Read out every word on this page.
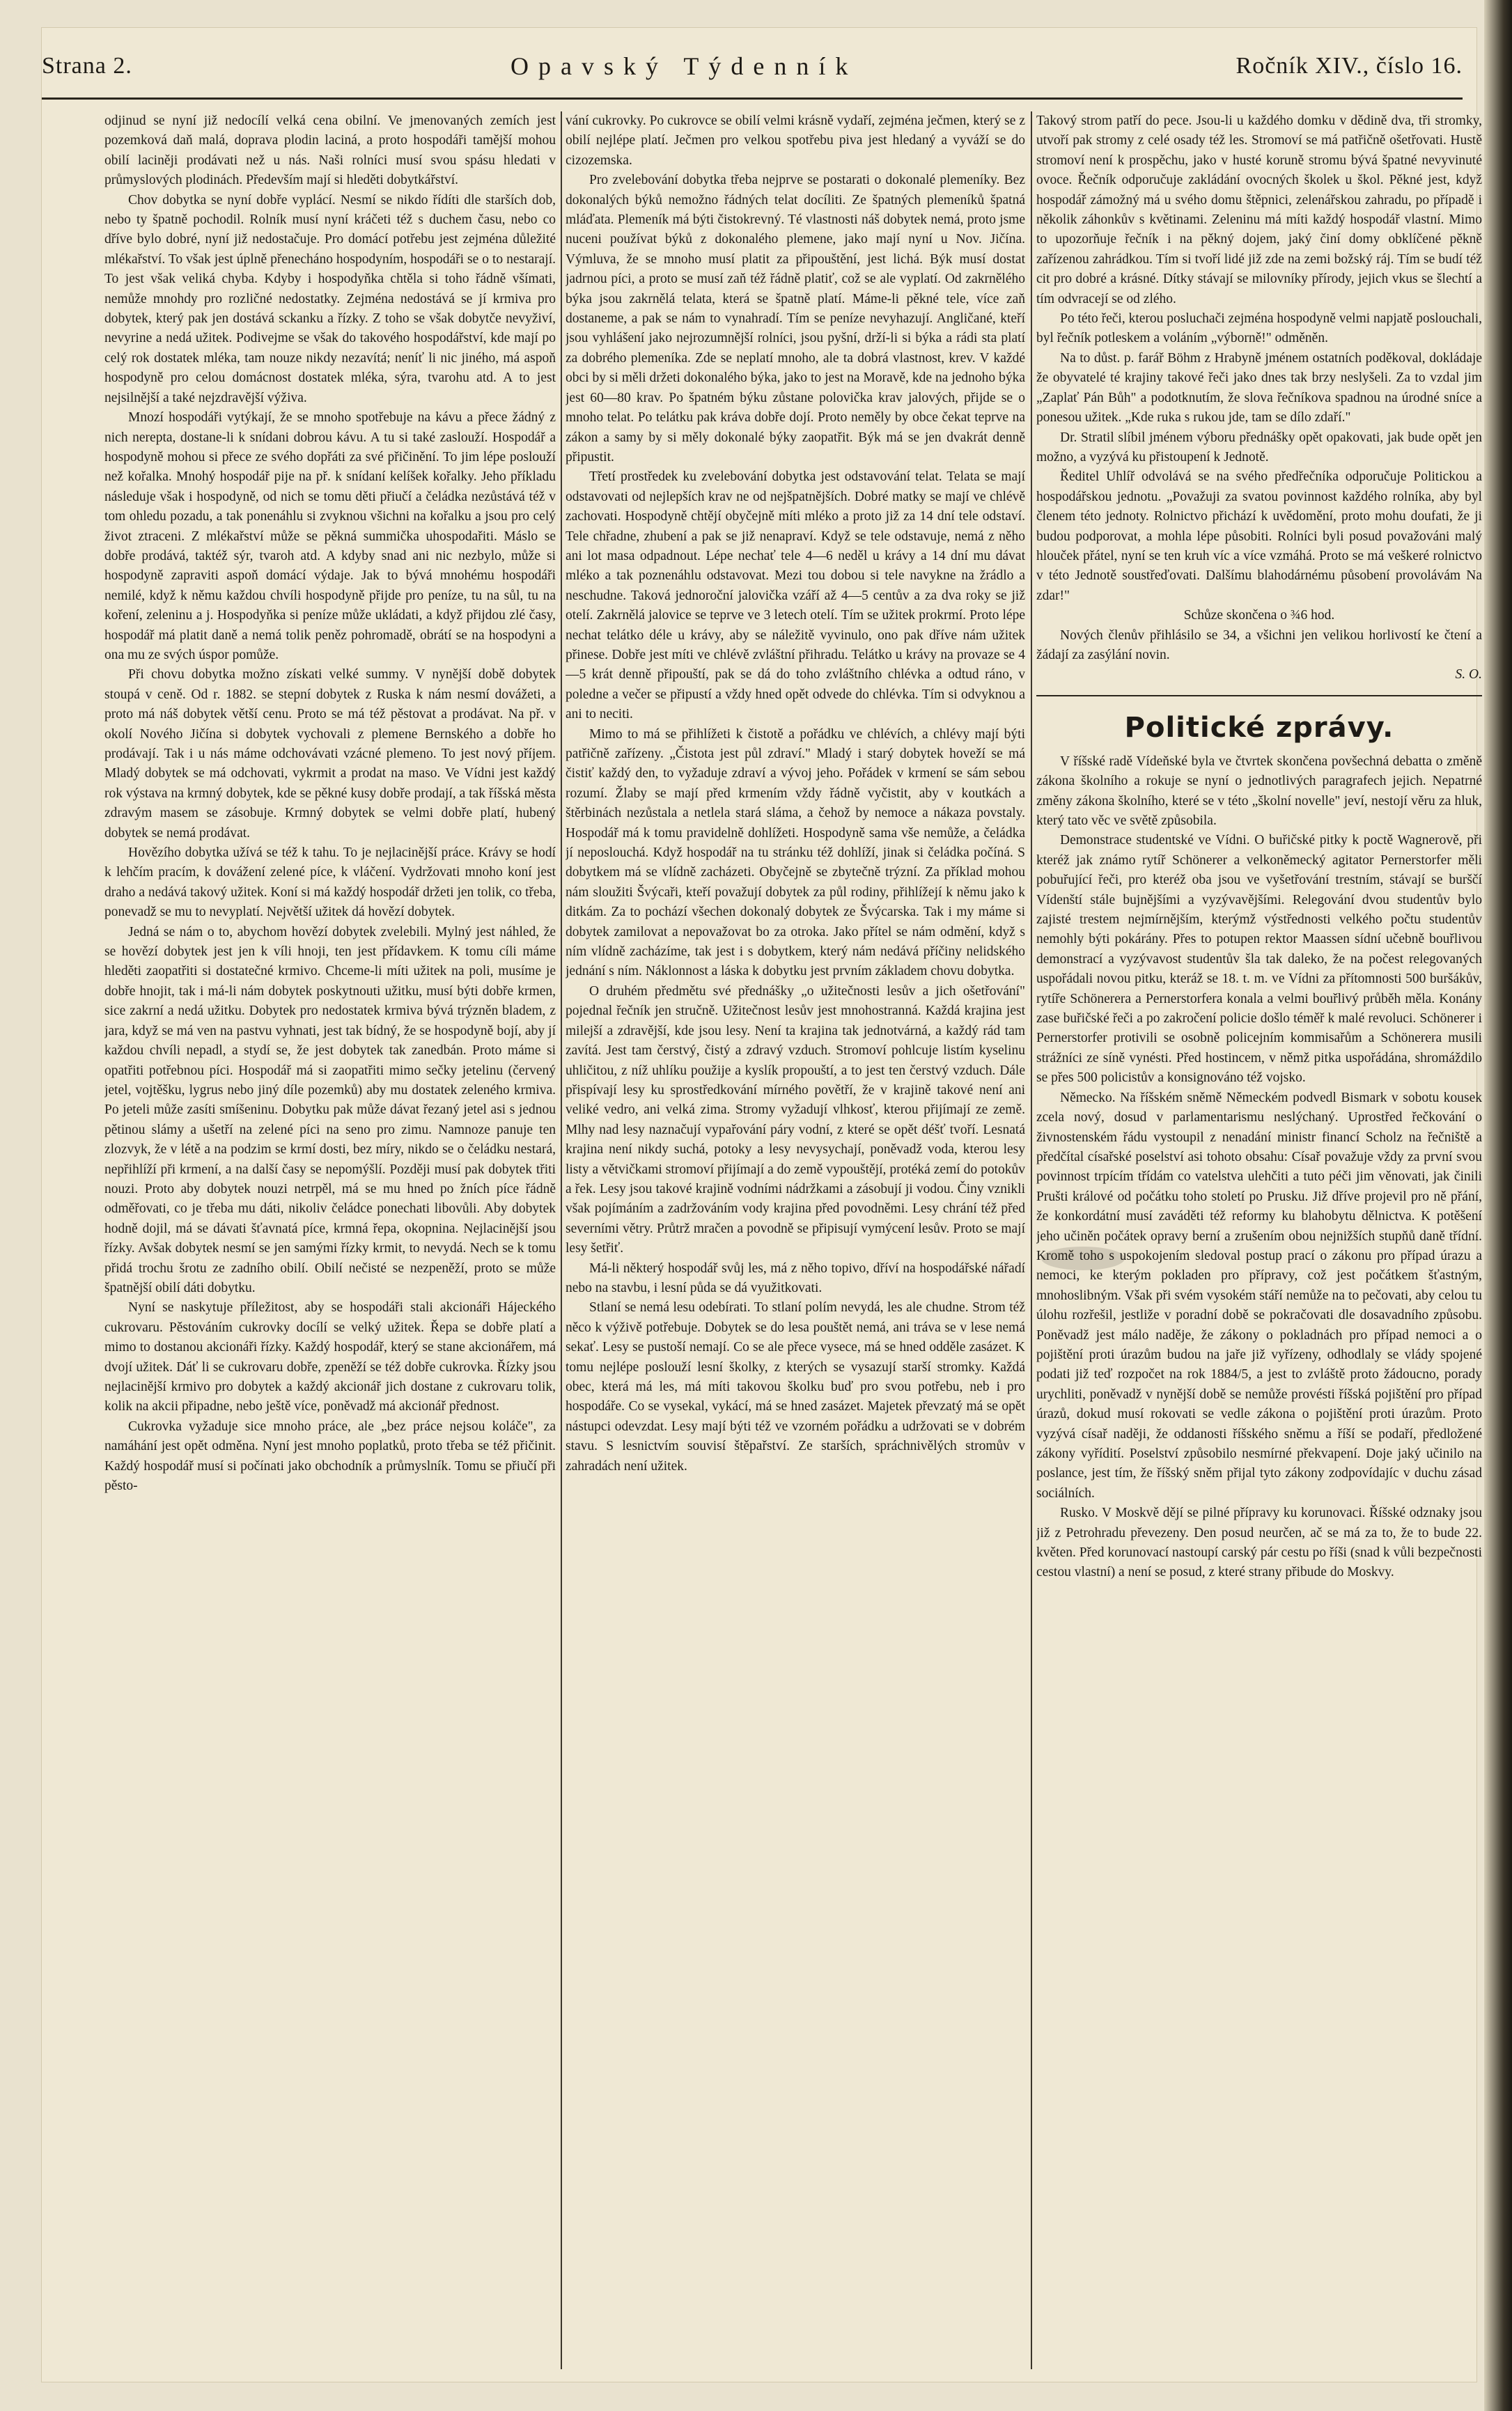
Strana 2.	Opavský Týdenník	Ročník XIV., číslo 16.

odjinud se nyní již nedocílí velká cena obilní. Ve jmenovaných zemích jest pozemková daň malá, doprava plodin laciná, a proto hospodáři tamější mohou obilí laciněji prodávati než u nás. Naši rolníci musí svou spásu hledati v průmyslových plodinách. Především mají si hleděti dobytkářství.

Chov dobytka se nyní dobře vyplácí. Nesmí se nikdo řídíti dle starších dob, nebo ty špatně pochodil. Rolník musí nyní kráčeti též s duchem času, nebo co dříve bylo dobré, nyní již nedostačuje. Pro domácí potřebu jest zejména důležité mlékařství. To však jest úplně přenecháno hospodyním, hospodáři se o to nestarají. To jest však veliká chyba. Kdyby i hospodyňka chtěla si toho řádně všímati, nemůže mnohdy pro rozličné nedostatky. Zejména nedostává se jí krmiva pro dobytek, který pak jen dostává sckanku a řízky. Z toho se však dobytče nevyživí, nevyrine a nedá užitek. Podivejme se však do takového hospodářství, kde mají po celý rok dostatek mléka, tam nouze nikdy nezavítá; neníť li nic jiného, má aspoň hospodyně pro celou domácnost dostatek mléka, sýra, tvarohu atd. A to jest nejsilnější a také nejzdravější výživa.

Mnozí hospodáři vytýkají, že se mnoho spotřebuje na kávu a přece žádný z nich nerepta, dostane-li k snídani dobrou kávu. A tu si také zaslouží. Hospodář a hospodyně mohou si přece ze svého dopřáti za své přičinění. To jim lépe poslouží než kořalka. Mnohý hospodář pije na př. k snídaní kelíšek kořalky. Jeho příkladu následuje však i hospodyně, od nich se tomu děti přiučí a čeládka nezůstává též v tom ohledu pozadu, a tak ponenáhlu si zvyknou všichni na kořalku a jsou pro celý život ztraceni. Z mlékařství může se pěkná summička uhospodařiti. Máslo se dobře prodává, taktéž sýr, tvaroh atd. A kdyby snad ani nic nezbylo, může si hospodyně zapraviti aspoň domácí výdaje. Jak to bývá mnohému hospodáři nemilé, když k němu každou chvíli hospodyně přijde pro peníze, tu na sůl, tu na koření, zeleninu a j. Hospodyňka si peníze může ukládati, a když přijdou zlé časy, hospodář má platit daně a nemá tolik peněz pohromadě, obrátí se na hospodyni a ona mu ze svých úspor pomůže.

Při chovu dobytka možno získati velké summy. V nynější době dobytek stoupá v ceně. Od r. 1882. se stepní dobytek z Ruska k nám nesmí dovážeti, a proto má náš dobytek větší cenu. Proto se má též pěstovat a prodávat. Na př. v okolí Nového Jičína si dobytek vychovali z plemene Bernského a dobře ho prodávají. Tak i u nás máme odchovávati vzácné plemeno. To jest nový příjem. Mladý dobytek se má odchovati, vykrmit a prodat na maso. Ve Vídni jest každý rok výstava na krmný dobytek, kde se pěkné kusy dobře prodají, a tak říšská města zdravým masem se zásobuje. Krmný dobytek se velmi dobře platí, hubený dobytek se nemá prodávat.

Hovězího dobytka užívá se též k tahu. To je nejlacinější práce. Krávy se hodí k lehčím pracím, k dovážení zelené píce, k vláčení. Vydržovati mnoho koní jest draho a nedává takový užitek. Koní si má každý hospodář držeti jen tolik, co třeba, ponevadž se mu to nevyplatí. Největší užitek dá hovězí dobytek.

Jedná se nám o to, abychom hovězí dobytek zvelebili. Mylný jest náhled, že se hovězí dobytek jest jen k víli hnoji, ten jest přídavkem. K tomu cíli máme hleděti zaopatřiti si dostatečné krmivo. Chceme-li míti užitek na poli, musíme je dobře hnojit, tak i má-li nám dobytek poskytnouti užitku, musí býti dobře krmen, sice zakrní a nedá užitku. Dobytek pro nedostatek krmiva bývá trýzněn bladem, z jara, když se má ven na pastvu vyhnati, jest tak bídný, že se hospodyně bojí, aby jí každou chvíli nepadl, a stydí se, že jest dobytek tak zanedbán. Proto máme si opatřiti potřebnou píci. Hospodář má si zaopatřiti mimo sečky jetelinu (červený jetel, vojtěšku, lygrus nebo jiný díle pozemků) aby mu dostatek zeleného krmiva. Po jeteli může zasíti smíšeninu. Dobytku pak může dávat řezaný jetel asi s jednou pětinou slámy a ušetří na zelené píci na seno pro zimu. Namnoze panuje ten zlozvyk, že v létě a na podzim se krmí dosti, bez míry, nikdo se o čeládku nestará, nepřihlíží při krmení, a na další časy se nepomýšlí. Později musí pak dobytek třiti nouzi. Proto aby dobytek nouzi netrpěl, má se mu hned po žních píce řádně odměřovati, co je třeba mu dáti, nikoliv čeládce ponechati libovůli. Aby dobytek hodně dojil, má se dávati šťavnatá píce, krmná řepa, okopnina. Nejlacinější jsou řízky. Avšak dobytek nesmí se jen samými řízky krmit, to nevydá. Nech se k tomu přidá trochu šrotu ze zadního obilí. Obilí nečisté se nezpeněží, proto se může špatnější obilí dáti dobytku.

Nyní se naskytuje příležitost, aby se hospodáři stali akcionáři Hájeckého cukrovaru. Pěstováním cukrovky docílí se velký užitek. Řepa se dobře platí a mimo to dostanou akcionáři řízky. Každý hospodář, který se stane akcionářem, má dvojí užitek. Dáť li se cukrovaru dobře, zpeněží se též dobře cukrovka. Řízky jsou nejlacinější krmivo pro dobytek a každý akcionář jich dostane z cukrovaru tolik, kolik na akcii připadne, nebo ještě více, poněvadž má akcionář přednost.

Cukrovka vyžaduje sice mnoho práce, ale „bez práce nejsou koláče", za namáhání jest opět odměna. Nyní jest mnoho poplatků, proto třeba se též přičinit. Každý hospodář musí si počínati jako obchodník a průmyslník. Tomu se přiučí při pěsto-

vání cukrovky. Po cukrovce se obilí velmi krásně vydaří, zejména ječmen, který se z obilí nejlépe platí. Ječmen pro velkou spotřebu piva jest hledaný a vyváží se do cizozemska.

Pro zvelebování dobytka třeba nejprve se postarati o dokonalé plemeníky. Bez dokonalých býků nemožno řádných telat docíliti. Ze špatných plemeníků špatná mláďata. Plemeník má býti čistokrevný. Té vlastnosti náš dobytek nemá, proto jsme nuceni používat býků z dokonalého plemene, jako mají nyní u Nov. Jičína. Výmluva, že se mnoho musí platit za připouštění, jest lichá. Býk musí dostat jadrnou píci, a proto se musí zaň též řádně platiť, což se ale vyplatí. Od zakrnělého býka jsou zakrnělá telata, která se špatně platí. Máme-li pěkné tele, více zaň dostaneme, a pak se nám to vynahradí. Tím se peníze nevyhazují. Angličané, kteří jsou vyhlášení jako nejrozumnější rolníci, jsou pyšní, drží-li si býka a rádi sta platí za dobrého plemeníka. Zde se neplatí mnoho, ale ta dobrá vlastnost, krev. V každé obci by si měli držeti dokonalého býka, jako to jest na Moravě, kde na jednoho býka jest 60—80 krav. Po špatném býku zůstane polovička krav jalových, přijde se o mnoho telat. Po telátku pak kráva dobře dojí. Proto neměly by obce čekat teprve na zákon a samy by si měly dokonalé býky zaopatřit. Býk má se jen dvakrát denně připustit.

Třetí prostředek ku zvelebování dobytka jest odstavování telat. Telata se mají odstavovati od nejlepších krav ne od nejšpatnějších. Dobré matky se mají ve chlévě zachovati. Hospodyně chtějí obyčejně míti mléko a proto již za 14 dní tele odstaví. Tele chřadne, zhubení a pak se již nenapraví. Když se tele odstavuje, nemá z něho ani lot masa odpadnout. Lépe nechať tele 4—6 neděl u krávy a 14 dní mu dávat mléko a tak poznenáhlu odstavovat. Mezi tou dobou si tele navykne na žrádlo a neschudne. Taková jednoroční jalovička vzáří až 4—5 centův a za dva roky se již otelí. Zakrnělá jalovice se teprve ve 3 letech otelí. Tím se užitek prokrmí. Proto lépe nechat telátko déle u krávy, aby se náležitě vyvinulo, ono pak dříve nám užitek přinese. Dobře jest míti ve chlévě zvláštní přihradu. Telátko u krávy na provaze se 4—5 krát denně připouští, pak se dá do toho zvláštního chlévka a odtud ráno, v poledne a večer se připustí a vždy hned opět odvede do chlévka. Tím si odvyknou a ani to neciti.

Mimo to má se přihlížeti k čistotě a pořádku ve chlévích, a chlévy mají býti patřičně zařízeny. „Čistota jest půl zdraví." Mladý i starý dobytek hoveží se má čistiť každý den, to vyžaduje zdraví a vývoj jeho. Pořádek v krmení se sám sebou rozumí. Žlaby se mají před krmením vždy řádně vyčistit, aby v koutkách a štěrbinách nezůstala a netlela stará sláma, a čehož by nemoce a nákaza povstaly. Hospodář má k tomu pravidelně dohlížeti. Hospodyně sama vše nemůže, a čeládka jí neposlouchá. Když hospodář na tu stránku též dohlíží, jinak si čeládka počíná. S dobytkem má se vlídně zacházeti. Obyčejně se zbytečně trýzní. Za příklad mohou nám sloužiti Švýcaři, kteří považují dobytek za půl rodiny, přihlížejí k němu jako k ditkám. Za to pochází všechen dokonalý dobytek ze Švýcarska. Tak i my máme si dobytek zamilovat a nepovažovat bo za otroka. Jako přítel se nám odmění, když s ním vlídně zacházíme, tak jest i s dobytkem, který nám nedává příčiny nelidského jednání s ním. Náklonnost a láska k dobytku jest prvním základem chovu dobytka.

O druhém předmětu své přednášky „o užitečnosti lesův a jich ošetřování" pojednal řečník jen stručně. Užitečnost lesův jest mnohostranná. Každá krajina jest milejší a zdravější, kde jsou lesy. Není ta krajina tak jednotvárná, a každý rád tam zavítá. Jest tam čerstvý, čistý a zdravý vzduch. Stromoví pohlcuje listím kyselinu uhličitou, z níž uhlíku použije a kyslík propouští, a to jest ten čerstvý vzduch. Dále přispívají lesy ku sprostředkování mírného povětří, že v krajině takové není ani veliké vedro, ani velká zima. Stromy vyžadují vlhkosť, kterou přijímají ze země. Mlhy nad lesy naznačují vypařování páry vodní, z které se opět déšť tvoří. Lesnatá krajina není nikdy suchá, potoky a lesy nevysychají, poněvadž voda, kterou lesy listy a větvičkami stromoví přijímají a do země vypouštějí, protéká zemí do potokův a řek. Lesy jsou takové krajině vodními nádržkami a zásobují ji vodou. Činy vznikli však pojímáním a zadržováním vody krajina před povodněmi. Lesy chrání též před severními větry. Průtrž mračen a povodně se připisují vymýcení lesův. Proto se mají lesy šetřiť.

Má-li některý hospodář svůj les, má z něho topivo, dříví na hospodářské nářadí nebo na stavbu, i lesní půda se dá využitkovati.

Stlaní se nemá lesu odebírati. To stlaní polím nevydá, les ale chudne. Strom též něco k výživě potřebuje. Dobytek se do lesa pouštět nemá, ani tráva se v lese nemá sekať. Lesy se pustoší nemají. Co se ale přece vysece, má se hned odděle zasázet. K tomu nejlépe poslouží lesní školky, z kterých se vysazují starší stromky. Každá obec, která má les, má míti takovou školku buď pro svou potřebu, neb i pro hospodáře. Co se vysekal, vykácí, má se hned zasázet. Majetek převzatý má se opět nástupci odevzdat. Lesy mají býti též ve vzorném pořádku a udržovati se v dobrém stavu. S lesnictvím souvisí štěpařství. Ze starších, spráchnivělých stromův v zahradách není užitek.

Takový strom patří do pece. Jsou-li u každého domku v dědině dva, tři stromky, utvoří pak stromy z celé osady též les. Stromoví se má patřičně ošetřovati. Hustě stromoví není k prospěchu, jako v husté koruně stromu bývá špatné nevyvinuté ovoce. Řečník odporučuje zakládání ovocných školek u škol. Pěkné jest, když hospodář zámožný má u svého domu štěpnici, zelenářskou zahradu, po případě i několik záhonkův s květinami. Zeleninu má míti každý hospodář vlastní. Mimo to upozorňuje řečník i na pěkný dojem, jaký činí domy obklíčené pěkně zařízenou zahrádkou. Tím si tvoří lidé již zde na zemi božský ráj. Tím se budí též cit pro dobré a krásné. Dítky stávají se milovníky přírody, jejich vkus se šlechtí a tím odvracejí se od zlého.

Po této řeči, kterou posluchači zejména hospodyně velmi napjatě poslouchali, byl řečník potleskem a voláním „výborně!" odměněn.

Na to důst. p. farář Böhm z Hrabyně jménem ostatních poděkoval, dokládaje že obyvatelé té krajiny takové řeči jako dnes tak brzy neslyšeli. Za to vzdal jim „Zaplať Pán Bůh" a podotknutím, že slova řečníkova spadnou na úrodné sníce a ponesou užitek. „Kde ruka s rukou jde, tam se dílo zdaří."

Dr. Stratil slíbil jménem výboru přednášky opět opakovati, jak bude opět jen možno, a vyzývá ku přistoupení k Jednotě.

Ředitel Uhlíř odvolává se na svého předřečníka odporučuje Politickou a hospodářskou jednotu. „Považuji za svatou povinnost každého rolníka, aby byl členem této jednoty. Rolnictvo přichází k uvědomění, proto mohu doufati, že ji budou podporovat, a mohla lépe působiti. Rolníci byli posud považováni malý hlouček přátel, nyní se ten kruh víc a více vzmáhá. Proto se má veškeré rolnictvo v této Jednotě soustřeďovati. Dalšímu blahodárnému působení provolávám Na zdar!"

Schůze skončena o ¾6 hod.

Nových členův přihlásilo se 34, a všichni jen velikou horlivostí ke čtení a žádají za zasýlání novin.

S. O.
Politické zprávy.

V říšské radě Vídeňské byla ve čtvrtek skončena povšechná debatta o změně zákona školního a rokuje se nyní o jednotlivých paragrafech jejich. Nepatrné změny zákona školního, které se v této „školní novelle" jeví, nestojí věru za hluk, který tato věc ve světě způsobila.

Demonstrace studentské ve Vídni. O buřičské pitky k poctě Wagnerově, při kteréž jak známo rytíř Schönerer a velkoněmecký agitator Pernerstorfer měli pobuřující řeči, pro kteréž oba jsou ve vyšetřování trestním, stávají se burščí Vídenští stále bujnějšími a vyzývavějšími. Relegování dvou studentův bylo zajisté trestem nejmírnějším, kterýmž výstřednosti velkého počtu studentův nemohly býti pokárány. Přes to potupen rektor Maassen sídní učebně bouřlivou demonstrací a vyzývavost studentův šla tak daleko, že na počest relegovaných uspořádali novou pitku, kteráž se 18. t. m. ve Vídni za přítomnosti 500 buršákův, rytíře Schönerera a Pernerstorfera konala a velmi bouřlivý průběh měla. Konány zase buřičské řeči a po zakročení policie došlo téměř k malé revoluci. Schönerer i Pernerstorfer protivili se osobně policejním kommisařům a Schönerera musili strážníci ze síně vynésti. Před hostincem, v němž pitka uspořádána, shromáždilo se přes 500 policistův a konsignováno též vojsko.

Německo. Na říšském sněmě Německém podvedl Bismark v sobotu kousek zcela nový, dosud v parlamentarismu neslýchaný. Uprostřed řečkování o živnostenském řádu vystoupil z nenadání ministr financí Scholz na řečniště a předčítal císařské poselství asi tohoto obsahu: Císař považuje vždy za první svou povinnost trpícím třídám co vatelstva ulehčiti a tuto péči jim věnovati, jak činili Prušti králové od počátku toho století po Prusku. Již dříve projevil pro ně přání, že konkordátní musí zaváděti též reformy ku blahobytu dělnictva. K potěšení jeho učiněn počátek opravy berní a zrušením obou nejnižších stupňů daně třídní. Kromě toho s uspokojením sledoval postup prací o zákonu pro případ úrazu a nemoci, ke kterým pokladen pro přípravy, což jest počátkem šťastným, mnohoslibným. Však při svém vysokém stáří nemůže na to pečovati, aby celou tu úlohu rozřešil, jestliže v poradní době se pokračovati dle dosavadního způsobu. Poněvadž jest málo naděje, že zákony o pokladnách pro případ nemoci a o pojištění proti úrazům budou na jaře již vyřízeny, odhodlaly se vlády spojené podati již teď rozpočet na rok 1884/5, a jest to zvláště proto žádoucno, porady urychliti, poněvadž v nynější době se nemůže provésti říšská pojištění pro případ úrazů, dokud musí rokovati se vedle zákona o pojištění proti úrazům. Proto vyzývá císař naději, že oddanosti říšského sněmu a říší se podaří, předložené zákony vyřídití. Poselství způsobilo nesmírné překvapení. Doje jaký učinilo na poslance, jest tím, že říšský sněm přijal tyto zákony zodpovídajíc v duchu zásad sociálních.

Rusko. V Moskvě dějí se pilné přípravy ku korunovaci. Říšské odznaky jsou již z Petrohradu převezeny. Den posud neurčen, ač se má za to, že to bude 22. květen. Před korunovací nastoupí carský pár cestu po říši (snad k vůli bezpečnosti cestou vlastní) a není se posud, z které strany přibude do Moskvy.
